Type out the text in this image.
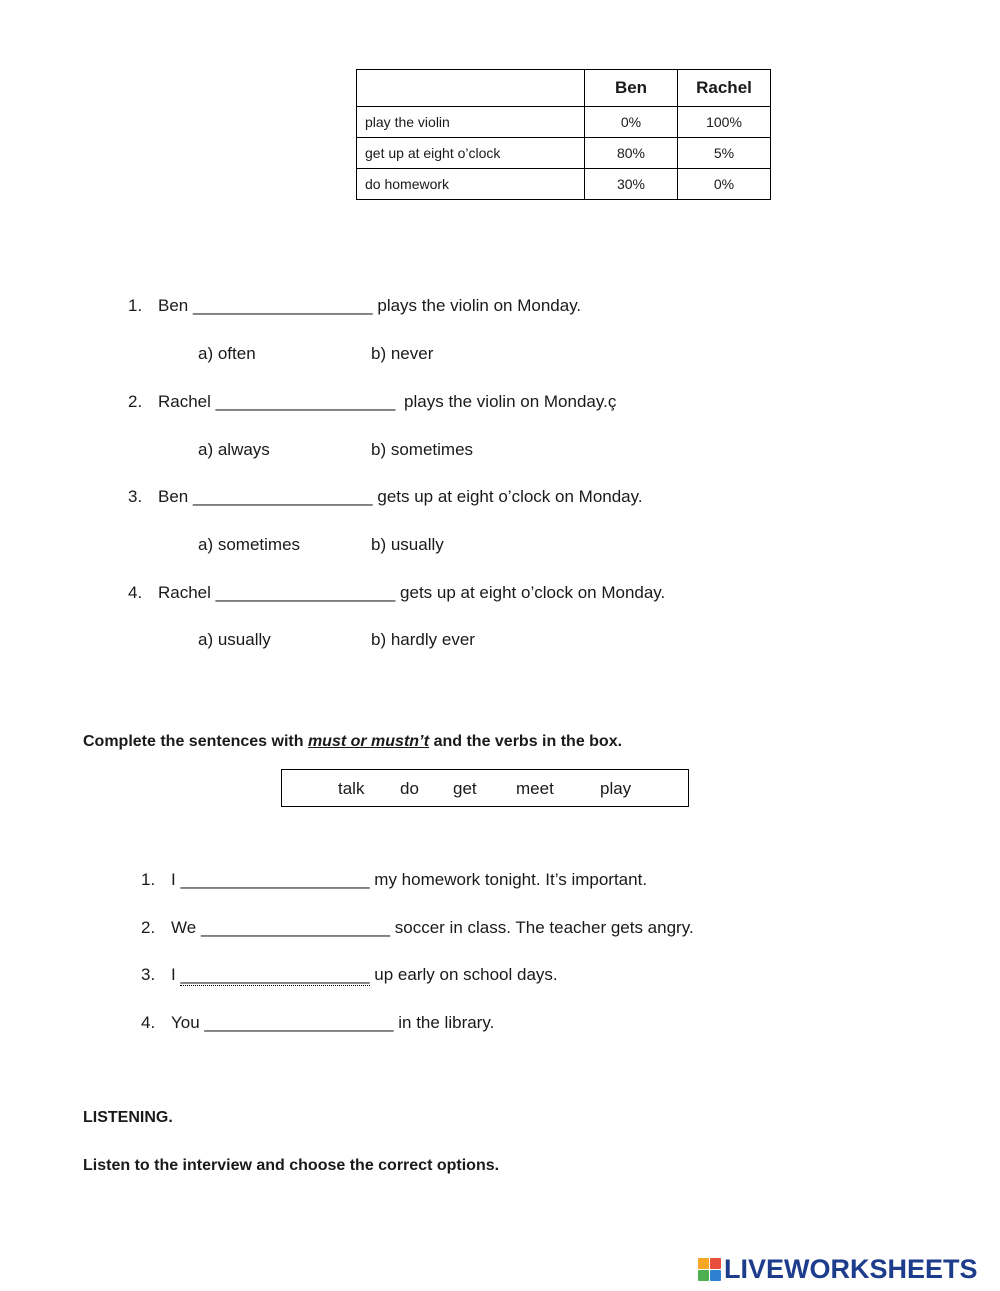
	Ben	Rachel
play the violin	0%	100%
get up at eight o’clock	80%	5%
do homework	30%	0%
1. Ben ___________________ plays the violin on Monday.
a) often	b) never
2. Rachel ___________________ plays the violin on Monday.ç
a) always	b) sometimes
3. Ben ___________________ gets up at eight o’clock on Monday.
a) sometimes	b) usually
4. Rachel ___________________ gets up at eight o’clock on Monday.
a) usually	b) hardly ever
Complete the sentences with must or mustn’t and the verbs in the box.
talk do get meet	play
1. I ____________________ my homework tonight. It’s important.
2. We ____________________ soccer in class. The teacher gets angry.
3. I ____________________ up early on school days.
4. You ____________________ in the library.
LISTENING.
Listen to the interview and choose the correct options.
LIVEWORKSHEETS
